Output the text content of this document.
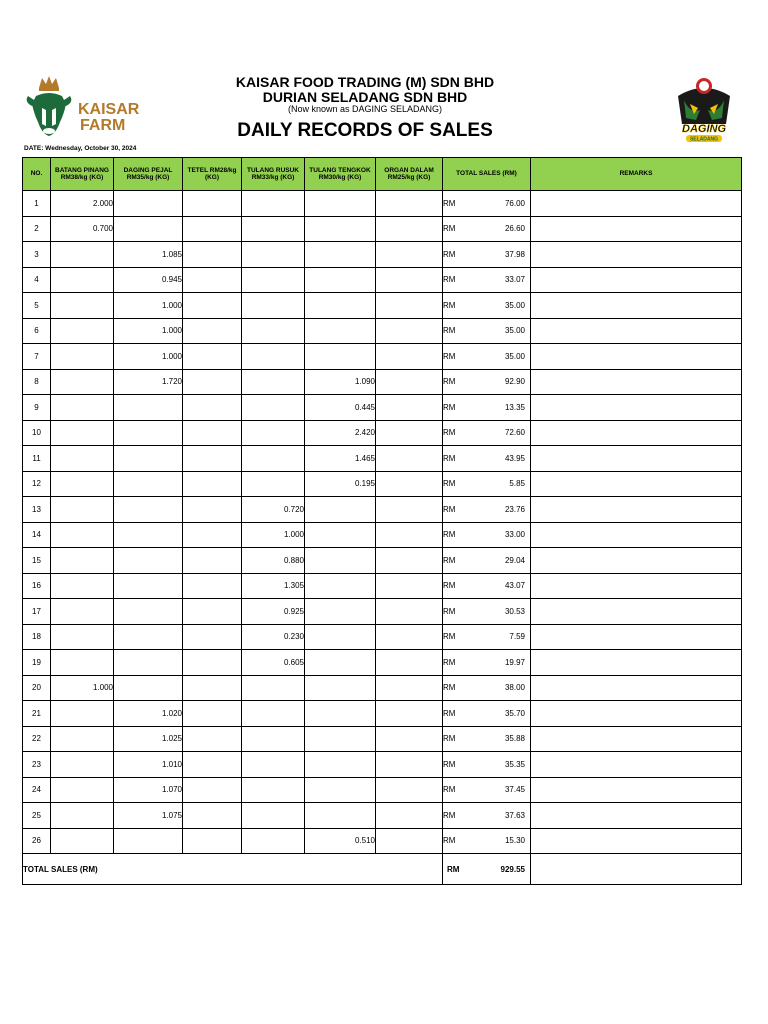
KAISAR
FARM	DAGING
SELADANG
KAISAR FOOD TRADING (M) SDN BHD
DURIAN SELADANG SDN BHD
(Now known as DAGING SELADANG)
DAILY RECORDS OF SALES
DATE: Wednesday, October 30, 2024
NO.	BATANG PINANG RM38/kg (KG)	DAGING PEJAL RM35/kg (KG)	TETEL RM28/kg (KG)	TULANG RUSUK RM33/kg (KG)	TULANG TENGKOK RM30/kg (KG)	ORGAN DALAM RM25/kg (KG)	TOTAL SALES (RM)	REMARKS
1	2.000						RM 76.00	

2	0.700						RM 26.60	

3		1.085					RM 37.98	

4		0.945					RM 33.07	

5		1.000					RM 35.00	

6		1.000					RM 35.00	

7		1.000					RM 35.00	

8		1.720			1.090		RM 92.90	

9					0.445		RM 13.35	

10					2.420		RM 72.60	

11					1.465		RM 43.95	

12					0.195		RM 5.85	

13				0.720			RM 23.76	

14				1.000			RM 33.00	

15				0.880			RM 29.04	

16				1.305			RM 43.07	

17				0.925			RM 30.53	

18				0.230			RM 7.59	

19				0.605			RM 19.97	

20	1.000						RM 38.00	

21		1.020					RM 35.70	

22		1.025					RM 35.88	

23		1.010					RM 35.35	

24		1.070					RM 37.45	

25		1.075					RM 37.63	

26					0.510		RM 15.30	

TOTAL SALES (RM)							RM 929.55	
